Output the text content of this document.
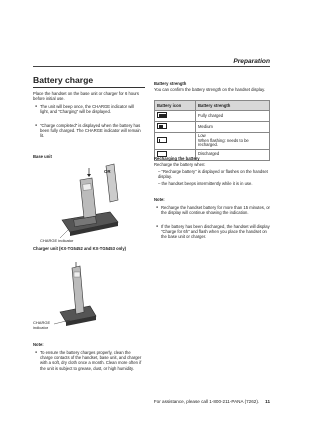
Preparation
Battery charge
Place the handset on the base unit or charger for 6 hours before initial use.
● The unit will beep once, the CHARGE indicator will light, and "Charging" will be displayed.
● "Charge completed" is displayed when the battery has been fully charged. The CHARGE indicator will remain lit.
Base unit
OR
CHARGE indicator
Charger unit (KX-TG5452 and KX-TG5453 only)
CHARGE indicator
Note:
● To ensure the battery charges properly, clean the charge contacts of the handset, base unit, and charger with a soft, dry cloth once a month. Clean more often if the unit is subject to grease, dust, or high humidity.
Battery strength
You can confirm the battery strength on the handset display.
Battery icon	Battery strength

	Fully charged

	Medium

	Low
When flashing: needs to be recharged.

	Discharged
Recharging the battery
Recharge the battery when:
– "Recharge battery" is displayed or flashes on the handset display.
– the handset beeps intermittently while it is in use.
Note:
● Recharge the handset battery for more than 15 minutes, or the display will continue showing the indication.
● If the battery has been discharged, the handset will display "Charge for 6h" and flash when you place the handset on the base unit or charger.
For assistance, please call 1-800-211-PANA (7262). 11
